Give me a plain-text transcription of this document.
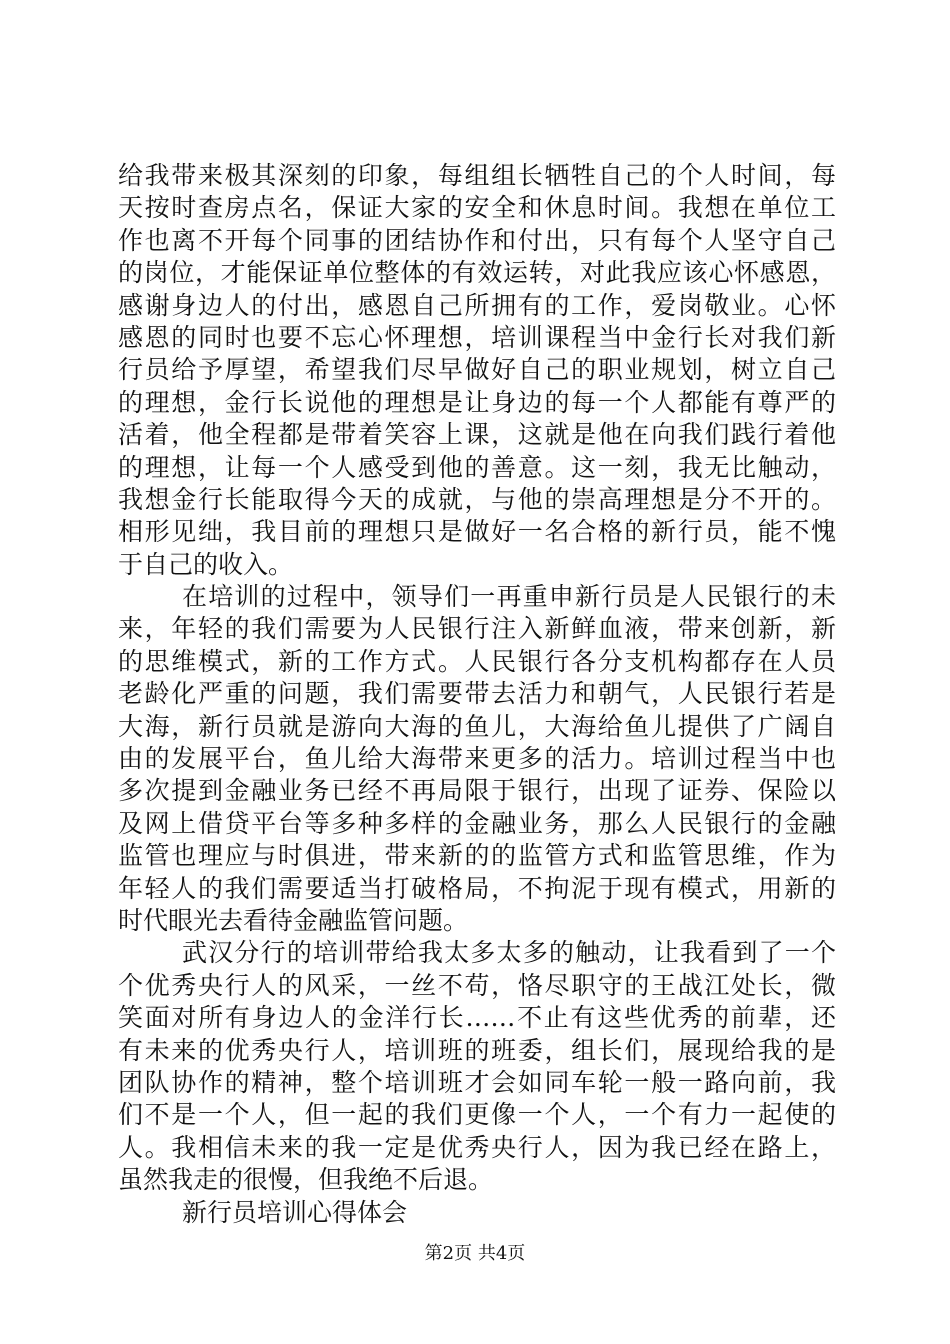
给我带来极其深刻的印象，每组组长牺牲自己的个人时间，每
天按时查房点名，保证大家的安全和休息时间。我想在单位工
作也离不开每个同事的团结协作和付出，只有每个人坚守自己
的岗位，才能保证单位整体的有效运转，对此我应该心怀感恩，
感谢身边人的付出，感恩自己所拥有的工作，爱岗敬业。心怀
感恩的同时也要不忘心怀理想，培训课程当中金行长对我们新
行员给予厚望，希望我们尽早做好自己的职业规划，树立自己
的理想，金行长说他的理想是让身边的每一个人都能有尊严的
活着，他全程都是带着笑容上课，这就是他在向我们践行着他
的理想，让每一个人感受到他的善意。这一刻，我无比触动，
我想金行长能取得今天的成就，与他的崇高理想是分不开的。
相形见绌，我目前的理想只是做好一名合格的新行员，能不愧
于自己的收入。
在培训的过程中，领导们一再重申新行员是人民银行的未
来，年轻的我们需要为人民银行注入新鲜血液，带来创新，新
的思维模式，新的工作方式。人民银行各分支机构都存在人员
老龄化严重的问题，我们需要带去活力和朝气，人民银行若是
大海，新行员就是游向大海的鱼儿，大海给鱼儿提供了广阔自
由的发展平台，鱼儿给大海带来更多的活力。培训过程当中也
多次提到金融业务已经不再局限于银行，出现了证券、保险以
及网上借贷平台等多种多样的金融业务，那么人民银行的金融
监管也理应与时俱进，带来新的的监管方式和监管思维，作为
年轻人的我们需要适当打破格局，不拘泥于现有模式，用新的
时代眼光去看待金融监管问题。
武汉分行的培训带给我太多太多的触动，让我看到了一个
个优秀央行人的风采，一丝不苟，恪尽职守的王战江处长，微
笑面对所有身边人的金洋行长……不止有这些优秀的前辈，还
有未来的优秀央行人，培训班的班委，组长们，展现给我的是
团队协作的精神，整个培训班才会如同车轮一般一路向前，我
们不是一个人，但一起的我们更像一个人，一个有力一起使的
人。我相信未来的我一定是优秀央行人，因为我已经在路上，
虽然我走的很慢，但我绝不后退。
新行员培训心得体会
第2页 共4页
